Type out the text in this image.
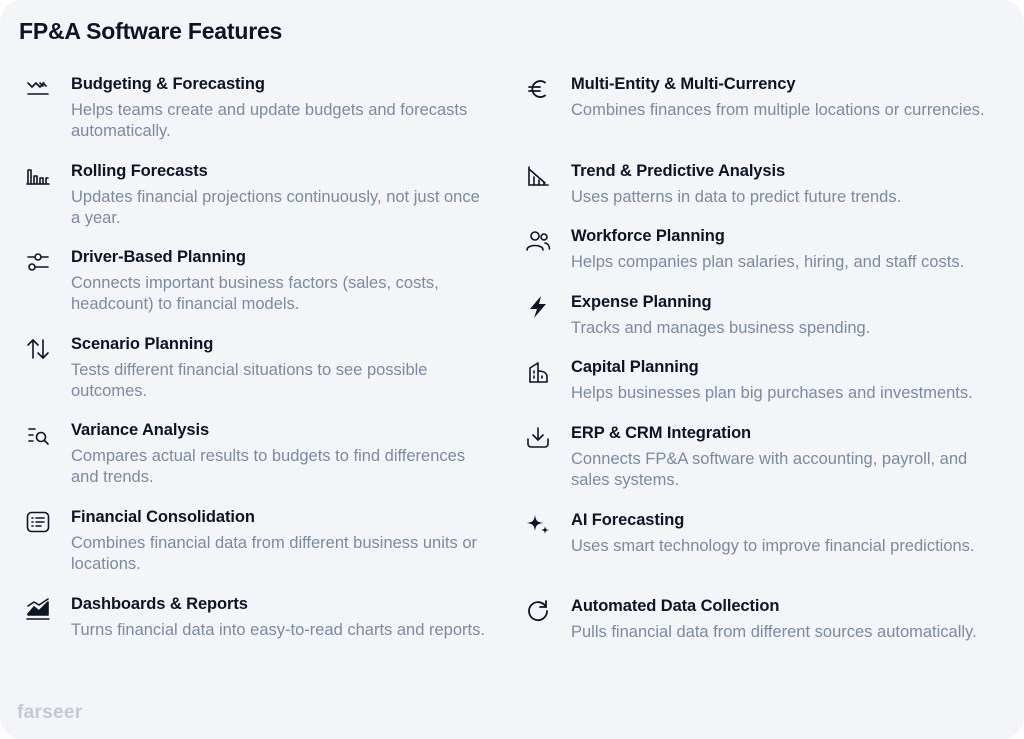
FP&A Software Features
Budgeting & Forecasting
Helps teams create and update budgets and forecasts automatically.
Rolling Forecasts
Updates financial projections continuously, not just once a year.
Driver-Based Planning
Connects important business factors (sales, costs, headcount) to financial models.
Scenario Planning
Tests different financial situations to see possible outcomes.
Variance Analysis
Compares actual results to budgets to find differences and trends.
Financial Consolidation
Combines financial data from different business units or locations.
Dashboards & Reports
Turns financial data into easy-to-read charts and reports.
Multi-Entity & Multi-Currency
Combines finances from multiple locations or currencies.
Trend & Predictive Analysis
Uses patterns in data to predict future trends.
Workforce Planning
Helps companies plan salaries, hiring, and staff costs.
Expense Planning
Tracks and manages business spending.
Capital Planning
Helps businesses plan big purchases and investments.
ERP & CRM Integration
Connects FP&A software with accounting, payroll, and sales systems.
AI Forecasting
Uses smart technology to improve financial predictions.
Automated Data Collection
Pulls financial data from different sources automatically.
farseer
